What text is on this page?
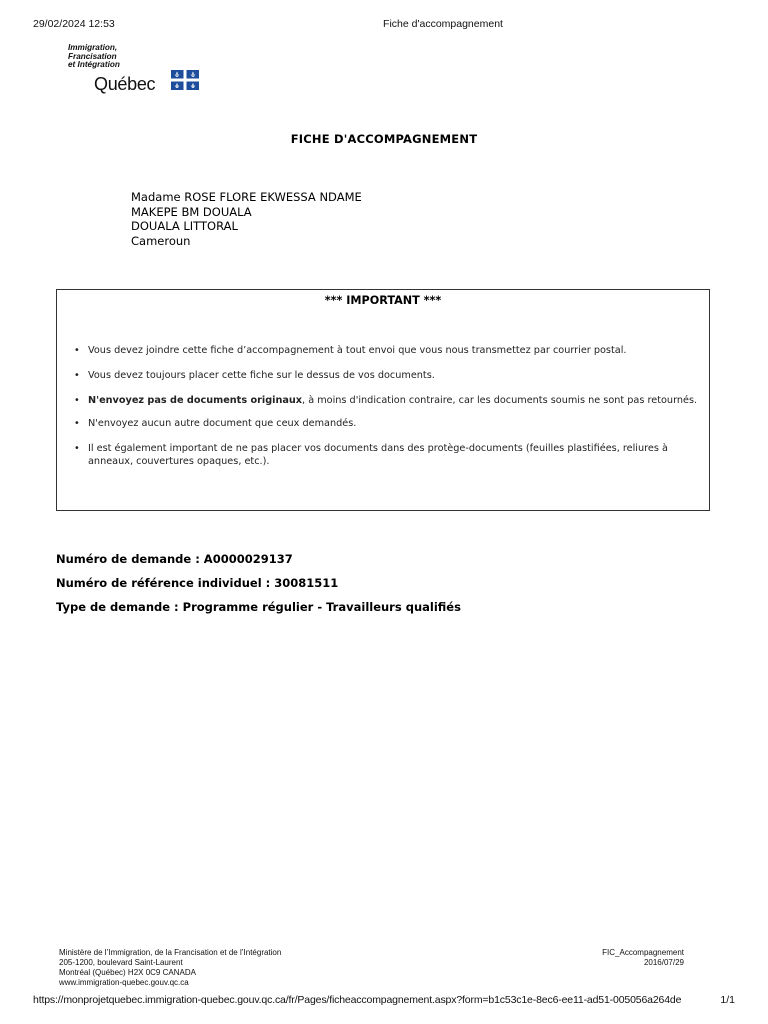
29/02/2024 12:53	Fiche d'accompagnement
Immigration,
Francisation
et Intégration
Québec
FICHE D'ACCOMPAGNEMENT
Madame ROSE FLORE EKWESSA NDAME
MAKEPE BM DOUALA
DOUALA LITTORAL
Cameroun
*** IMPORTANT ***
• Vous devez joindre cette fiche d’accompagnement à tout envoi que vous nous transmettez par courrier postal.
• Vous devez toujours placer cette fiche sur le dessus de vos documents.
• N'envoyez pas de documents originaux, à moins d'indication contraire, car les documents soumis ne sont pas retournés.
• N'envoyez aucun autre document que ceux demandés.
• Il est également important de ne pas placer vos documents dans des protège-documents (feuilles plastifiées, reliures à anneaux, couvertures opaques, etc.).
Numéro de demande : A0000029137
Numéro de référence individuel : 30081511
Type de demande : Programme régulier - Travailleurs qualifiés
Ministère de l’Immigration, de la Francisation et de l’Intégration
205-1200, boulevard Saint-Laurent
Montréal (Québec) H2X 0C9 CANADA
www.immigration-quebec.gouv.qc.ca
FIC_Accompagnement
2016/07/29
https://monprojetquebec.immigration-quebec.gouv.qc.ca/fr/Pages/ficheaccompagnement.aspx?form=b1c53c1e-8ec6-ee11-ad51-005056a264de	1/1
